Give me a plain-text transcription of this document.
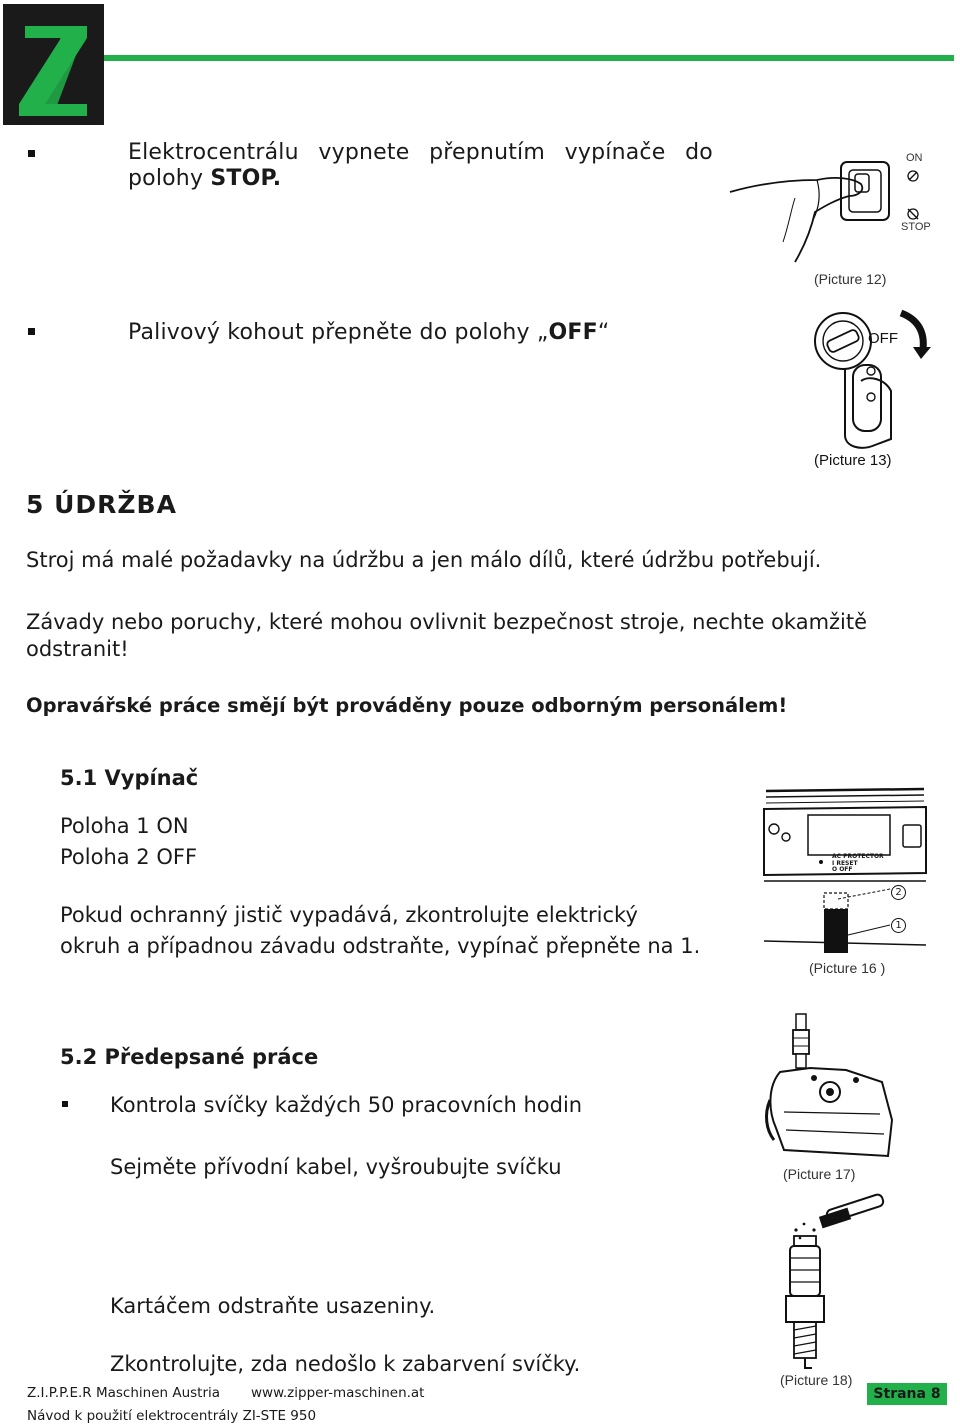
Elektrocentrálu vypnete přepnutím vypínače do
polohy STOP.
ON
STOP
(Picture 12)
Palivový kohout přepněte do polohy „OFF“	OFF
(Picture 13)
5 ÚDRŽBA
Stroj má malé požadavky na údržbu a jen málo dílů, které údržbu potřebují.
Závady nebo poruchy, které mohou ovlivnit bezpečnost stroje, nechte okamžitě
odstranit!
Opravářské práce smějí být prováděny pouze odborným personálem!
5.1 Vypínač
Poloha 1 ON
Poloha 2 OFF
Pokud ochranný jistič vypadává, zkontrolujte elektrický
okruh a případnou závadu odstraňte, vypínač přepněte na 1.
AC PROTECTOR
I RESET
O OFF
2
1
(Picture 16 )
5.2 Předepsané práce
Kontrola svíčky každých 50 pracovních hodin
Sejměte přívodní kabel, vyšroubujte svíčku
Kartáčem odstraňte usazeniny.
Zkontrolujte, zda nedošlo k zabarvení svíčky.
(Picture 17)
(Picture 18)
Z.I.P.P.E.R Maschinen Austria www.zipper-maschinen.at
Návod k použití elektrocentrály ZI-STE 950
Strana 8
